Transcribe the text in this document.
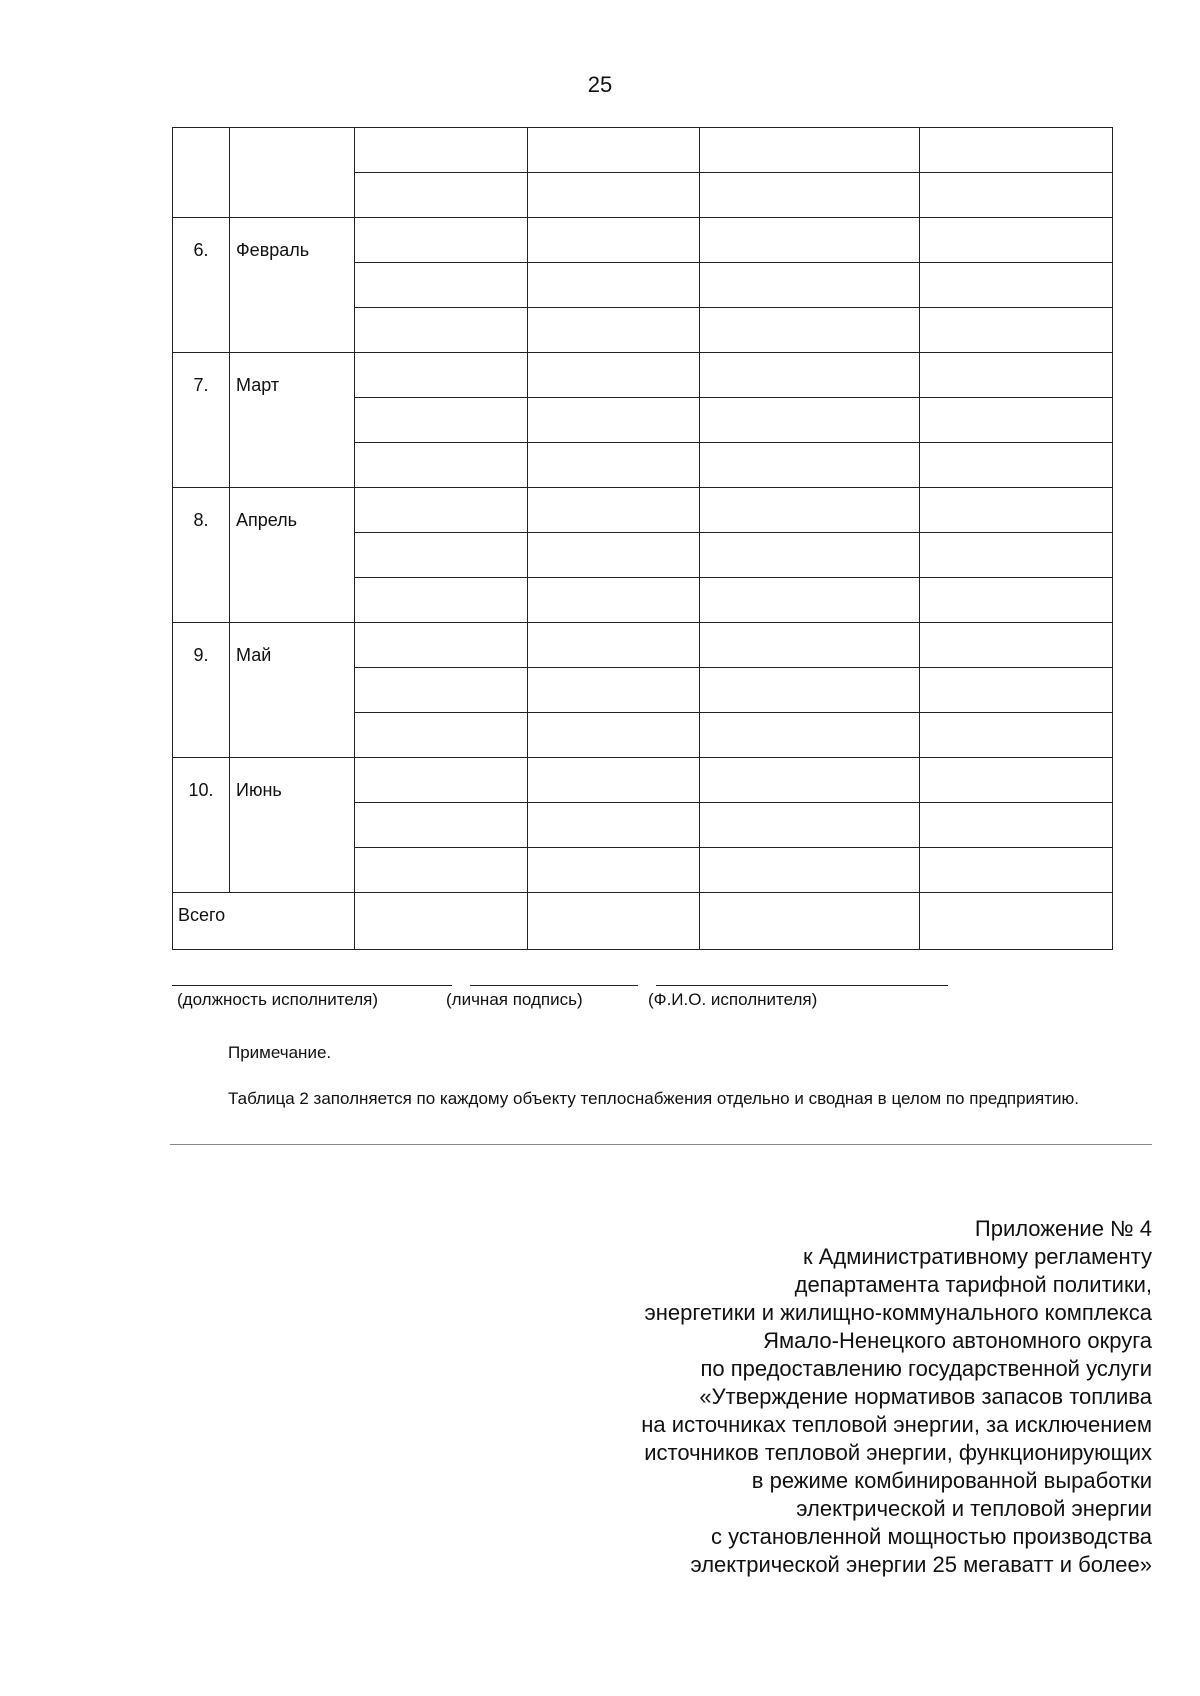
25

6.	Февраль				

7.	Март				

8.	Апрель				

9.	Май				

10.	Июнь				

Всего					
(должность исполнителя)	(личная подпись)	(Ф.И.О. исполнителя)
Примечание.
Таблица 2 заполняется по каждому объекту теплоснабжения отдельно и сводная в целом по предприятию.
Приложение № 4
к Административному регламенту
департамента тарифной политики,
энергетики и жилищно-коммунального комплекса
Ямало-Ненецкого автономного округа
по предоставлению государственной услуги
«Утверждение нормативов запасов топлива
на источниках тепловой энергии, за исключением
источников тепловой энергии, функционирующих
в режиме комбинированной выработки
электрической и тепловой энергии
с установленной мощностью производства
электрической энергии 25 мегаватт и более»
